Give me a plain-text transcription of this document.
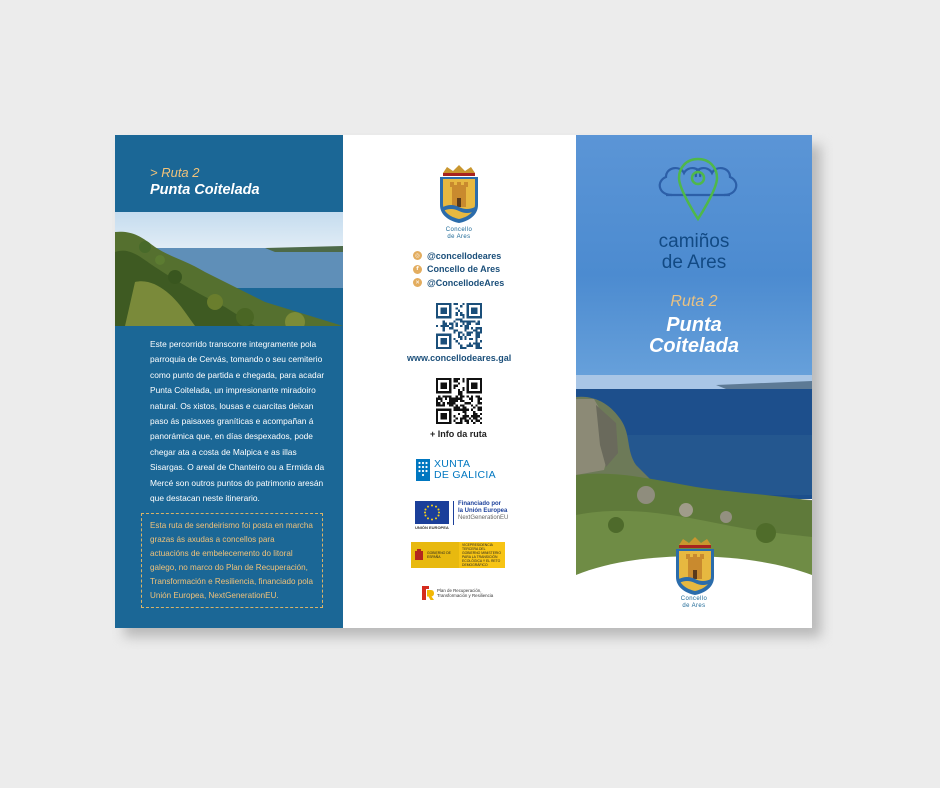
> Ruta 2
Punta Coitelada
Este percorrido transcorre integramente pola parroquia de Cervás, tomando o seu cemiterio como punto de partida e chegada, para acadar Punta Coitelada, un impresionante miradoiro natural. Os xistos, lousas e cuarcitas deixan paso ás paisaxes graníticas e acompañan á panorámica que, en días despexados, pode chegar ata a costa de Malpica e as illas Sisargas. O areal de Chanteiro ou a Ermida da Mercé son outros puntos do patrimonio aresán que destacan neste itinerario.
Esta ruta de sendeirismo foi posta en marcha grazas ás axudas a concellos para actuacións de embelecemento do litoral galego, no marco do Plan de Recuperación, Transformación e Resiliencia, financiado pola Unión Europea, NextGenerationEU.
Concello
de Ares
◎ @concellodeares
f Concello de Ares
✕ @ConcellodeAres
www.concellodeares.gal
+ Info da ruta
XUNTA
DE GALICIA
UNIÓN EUROPEA
Financiado por
la Unión Europea
NextGenerationEU
GOBIERNO DE ESPAÑA
VICEPRESIDENCIA TERCERA DEL GOBIERNO MINISTERIO PARA LA TRANSICIÓN ECOLÓGICA Y EL RETO DEMOGRÁFICO
Plan de Recuperación,
Transformación y Resiliencia
camiños
de Ares
Ruta 2
Punta
Coitelada
Concello
de Ares
